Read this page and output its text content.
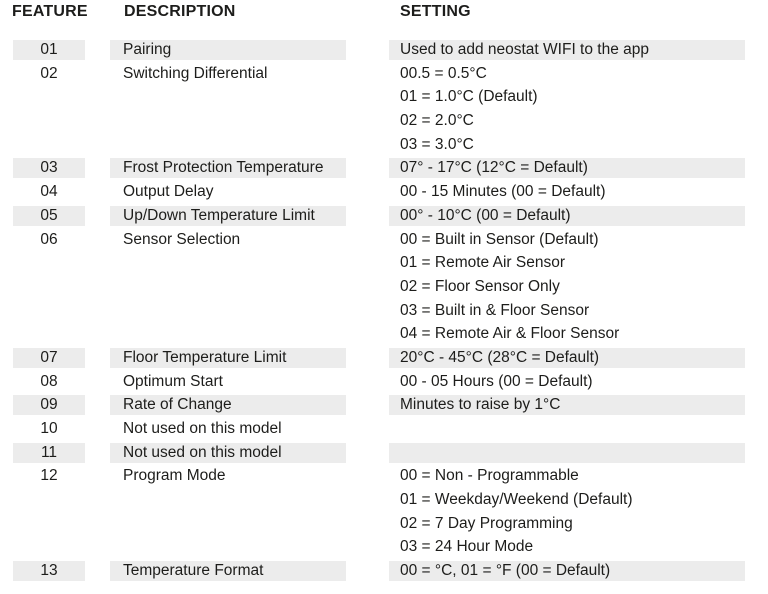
FEATURE DESCRIPTION	SETTING
01	Pairing	Used to add neostat WIFI to the app
02	Switching Differential	00.5 = 0.5°C
01 = 1.0°C (Default)
02 = 2.0°C
03 = 3.0°C
03	Frost Protection Temperature	07° - 17°C (12°C = Default)
04	Output Delay	00 - 15 Minutes (00 = Default)
05	Up/Down Temperature Limit	00° - 10°C (00 = Default)
06	Sensor Selection	00 = Built in Sensor (Default)
01 = Remote Air Sensor
02 = Floor Sensor Only
03 = Built in & Floor Sensor
04 = Remote Air & Floor Sensor
07	Floor Temperature Limit	20°C - 45°C (28°C = Default)
08	Optimum Start	00 - 05 Hours (00 = Default)
09	Rate of Change	Minutes to raise by 1°C
10	Not used on this model
11	Not used on this model
12	Program Mode	00 = Non - Programmable
01 = Weekday/Weekend (Default)
02 = 7 Day Programming
03 = 24 Hour Mode
13	Temperature Format	00 = °C, 01 = °F (00 = Default)
